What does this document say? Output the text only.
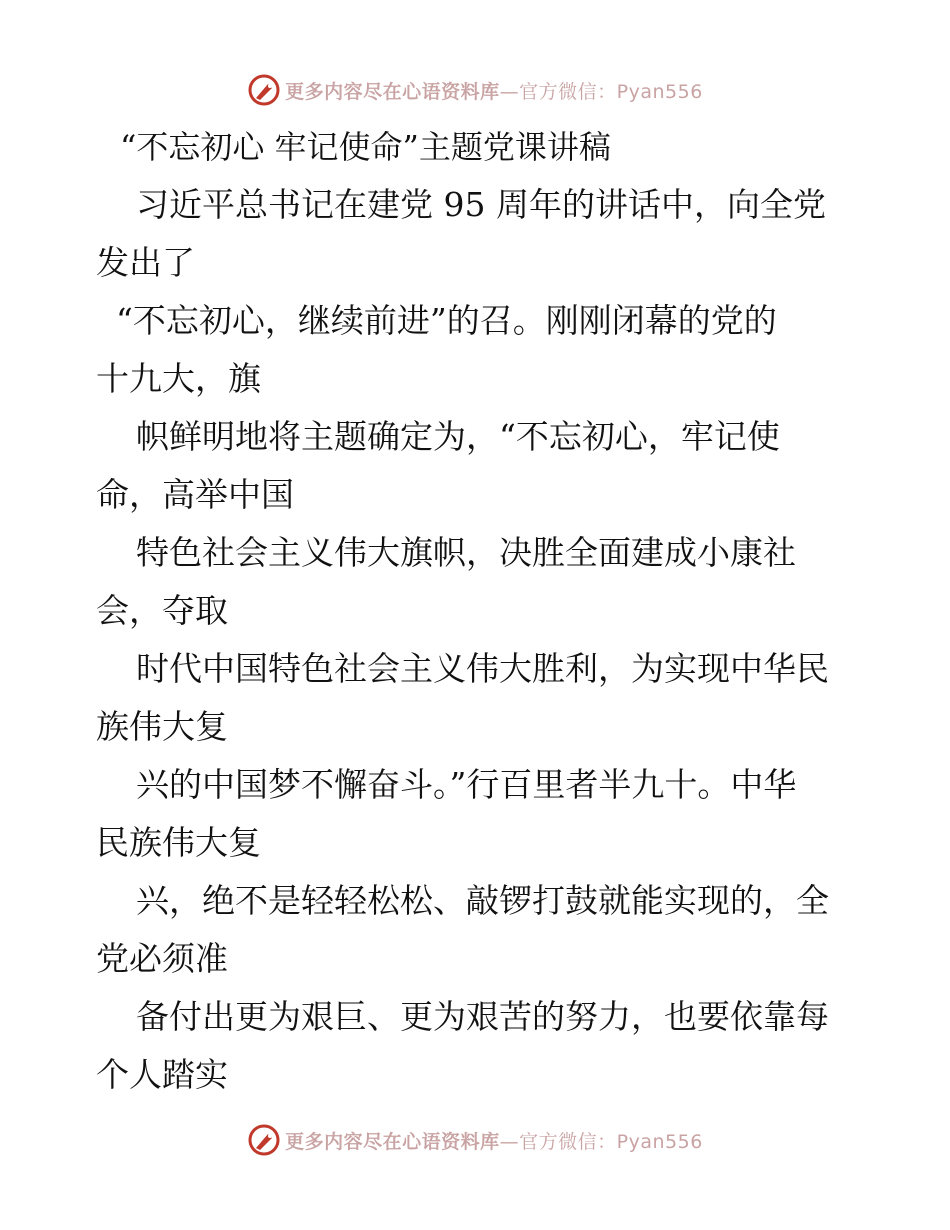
更多内容尽在心语资料库—官方微信：Pyan556
“不忘初心 牢记使命”主题党课讲稿
习近平总书记在建党 95 周年的讲话中，向全党
发出了
“不忘初心，继续前进”的召。刚刚闭幕的党的
十九大，旗
帜鲜明地将主题确定为，“不忘初心，牢记使
命，高举中国
特色社会主义伟大旗帜，决胜全面建成小康社
会，夺取
时代中国特色社会主义伟大胜利，为实现中华民
族伟大复
兴的中国梦不懈奋斗。”行百里者半九十。中华
民族伟大复
兴，绝不是轻轻松松、敲锣打鼓就能实现的，全
党必须准
备付出更为艰巨、更为艰苦的努力，也要依靠每
个人踏实
更多内容尽在心语资料库—官方微信：Pyan556
